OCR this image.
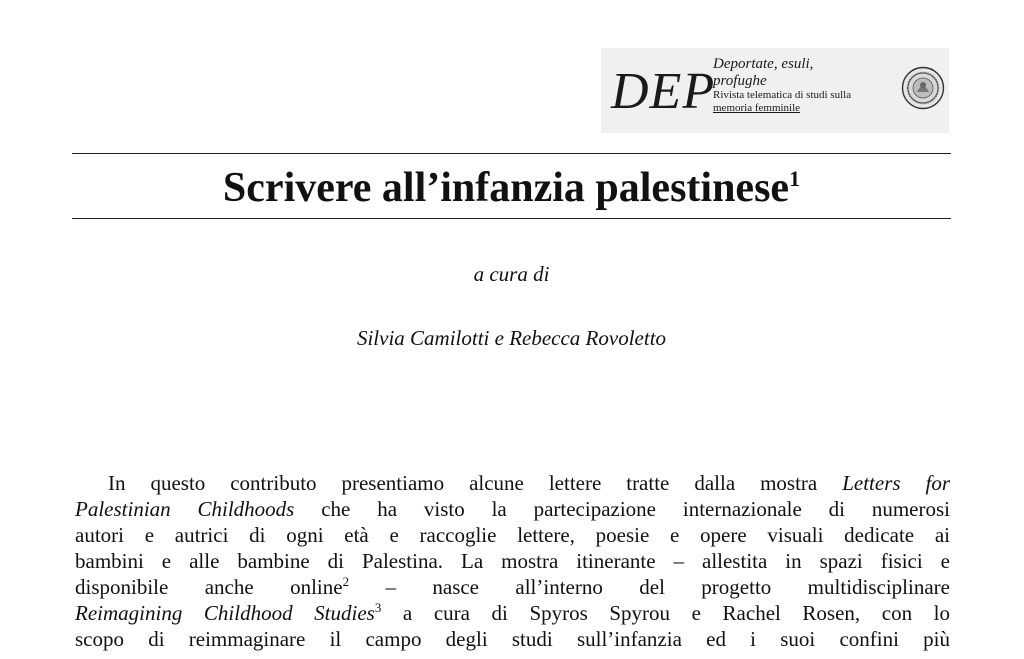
DEP
Deportate, esuli,
profughe
Rivista telematica di studi sulla
memoria femminile
Scrivere all’infanzia palestinese$^1$
a cura di
Silvia Camilotti e Rebecca Rovoletto
In questo contributo presentiamo alcune lettere tratte dalla mostra Letters for
Palestinian Childhoods che ha visto la partecipazione internazionale di numerosi
autori e autrici di ogni età e raccoglie lettere, poesie e opere visuali dedicate ai
bambini e alle bambine di Palestina. La mostra itinerante – allestita in spazi fisici e
disponibile anche online$^2$ – nasce all’interno del progetto multidisciplinare
Reimagining Childhood Studies$^3$ a cura di Spyros Spyrou e Rachel Rosen, con lo
scopo di reimmaginare il campo degli studi sull’infanzia ed i suoi confini più
